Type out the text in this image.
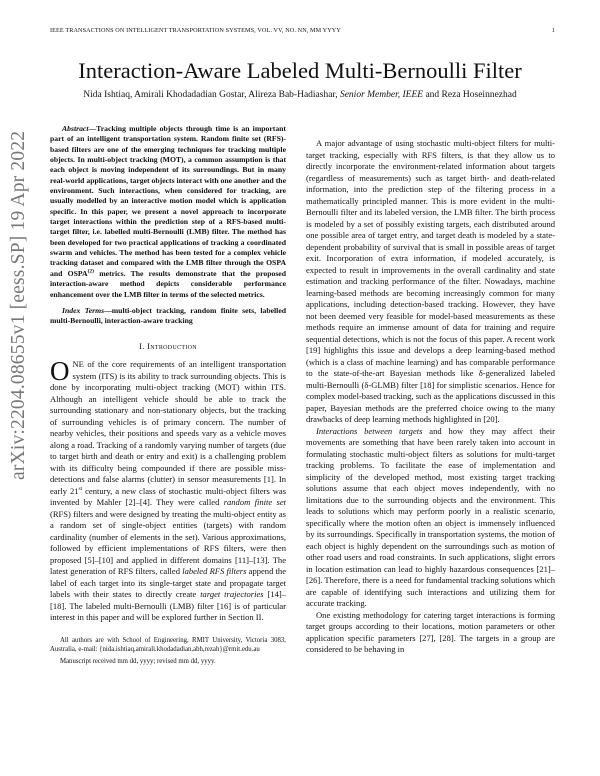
IEEE TRANSACTIONS ON INTELLIGENT TRANSPORTATION SYSTEMS, VOL. VV, NO. NN, MM YYYY	1
Interaction-Aware Labeled Multi-Bernoulli Filter
Nida Ishtiaq, Amirali Khodadadian Gostar, Alireza Bab-Hadiashar, Senior Member, IEEE and Reza Hoseinnezhad
arXiv:2204.08655v1 [eess.SP] 19 Apr 2022

Abstract—Tracking multiple objects through time is an important part of an intelligent transportation system. Random finite set (RFS)-based filters are one of the emerging techniques for tracking multiple objects. In multi-object tracking (MOT), a common assumption is that each object is moving independent of its surroundings. But in many real-world applications, target objects interact with one another and the environment. Such interactions, when considered for tracking, are usually modelled by an interactive motion model which is application specific. In this paper, we present a novel approach to incorporate target interactions within the prediction step of a RFS-based multi-target filter, i.e. labelled multi-Bernoulli (LMB) filter. The method has been developed for two practical applications of tracking a coordinated swarm and vehicles. The method has been tested for a complex vehicle tracking dataset and compared with the LMB filter through the OSPA and OSPA$^{(2)}$ metrics. The results demonstrate that the proposed interaction-aware method depicts considerable performance enhancement over the LMB filter in terms of the selected metrics.

Index Terms—multi-object tracking, random finite sets, labelled multi-Bernoulli, interaction-aware tracking

I. Introduction

ONE of the core requirements of an intelligent transportation system (ITS) is its ability to track surrounding objects. This is done by incorporating multi-object tracking (MOT) within ITS. Although an intelligent vehicle should be able to track the surrounding stationary and non-stationary objects, but the tracking of surrounding vehicles is of primary concern. The number of nearby vehicles, their positions and speeds vary as a vehicle moves along a road. Tracking of a randomly varying number of targets (due to target birth and death or entry and exit) is a challenging problem with its difficulty being compounded if there are possible miss-detections and false alarms (clutter) in sensor measurements [1]. In early 21st century, a new class of stochastic multi-object filters was invented by Mahler [2]–[4]. They were called random finite set (RFS) filters and were designed by treating the multi-object entity as a random set of single-object entities (targets) with random cardinality (number of elements in the set). Various approximations, followed by efficient implementations of RFS filters, were then proposed [5]–[10] and applied in different domains [11]–[13]. The latest generation of RFS filters, called labeled RFS filters append the label of each target into its single-target state and propagate target labels with their states to directly create target trajectories [14]–[18]. The labeled multi-Bernoulli (LMB) filter [16] is of particular interest in this paper and will be explored further in Section II.

All authors are with School of Engineering, RMIT University, Victoria 3083, Australia, e-mail: {nida.ishtiaq,amirali.khodadadian,abh,rezah}@rmit.edu.au

Manuscript received mm dd, yyyy; revised mm dd, yyyy.

A major advantage of using stochastic multi-object filters for multi-target tracking, especially with RFS filters, is that they allow us to directly incorporate the environment-related information about targets (regardless of measurements) such as target birth- and death-related information, into the prediction step of the filtering process in a mathematically principled manner. This is more evident in the multi-Bernoulli filter and its labeled version, the LMB filter. The birth process is modeled by a set of possibly existing targets, each distributed around one possible area of target entry, and target death is modeled by a state-dependent probability of survival that is small in possible areas of target exit. Incorporation of extra information, if modeled accurately, is expected to result in improvements in the overall cardinality and state estimation and tracking performance of the filter. Nowadays, machine learning-based methods are becoming increasingly common for many applications, including detection-based tracking. However, they have not been deemed very feasible for model-based measurements as these methods require an immense amount of data for training and require sequential detections, which is not the focus of this paper. A recent work [19] highlights this issue and develops a deep learning-based method (which is a class of machine learning) and has comparable performance to the state-of-the-art Bayesian methods like δ-generalized labeled multi-Bernoulli (δ-GLMB) filter [18] for simplistic scenarios. Hence for complex model-based tracking, such as the applications discussed in this paper, Bayesian methods are the preferred choice owing to the many drawbacks of deep learning methods highlighted in [20].

Interactions between targets and how they may affect their movements are something that have been rarely taken into account in formulating stochastic multi-object filters as solutions for multi-target tracking problems. To facilitate the ease of implementation and simplicity of the developed method, most existing target tracking solutions assume that each object moves independently, with no limitations due to the surrounding objects and the environment. This leads to solutions which may perform poorly in a realistic scenario, specifically where the motion often an object is immensely influenced by its surroundings. Specifically in transportation systems, the motion of each object is highly dependent on the surroundings such as motion of other road users and road constraints. In such applications, slight errors in location estimation can lead to highly hazardous consequences [21]–[26]. Therefore, there is a need for fundamental tracking solutions which are capable of identifying such interactions and utilizing them for accurate tracking.

One existing methodology for catering target interactions is forming target groups according to their locations, motion parameters or other application specific parameters [27], [28]. The targets in a group are considered to be behaving in
